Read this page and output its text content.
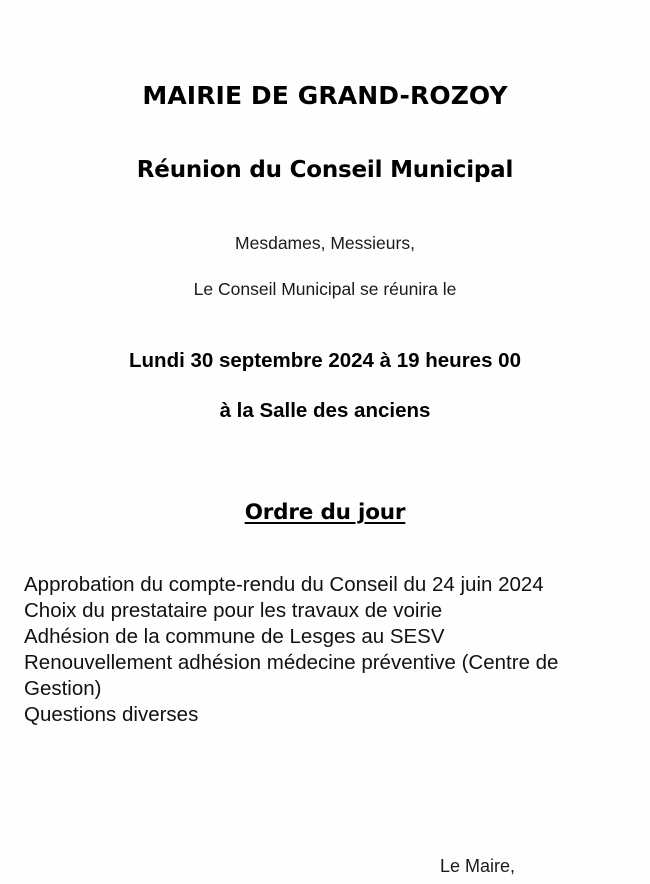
MAIRIE DE GRAND-ROZOY
Réunion du Conseil Municipal
Mesdames, Messieurs,
Le Conseil Municipal se réunira le
Lundi 30 septembre 2024 à 19 heures 00
à la Salle des anciens
Ordre du jour
Approbation du compte-rendu du Conseil du 24 juin 2024
Choix du prestataire pour les travaux de voirie
Adhésion de la commune de Lesges au SESV
Renouvellement adhésion médecine préventive (Centre de Gestion)
Questions diverses
Le Maire,
